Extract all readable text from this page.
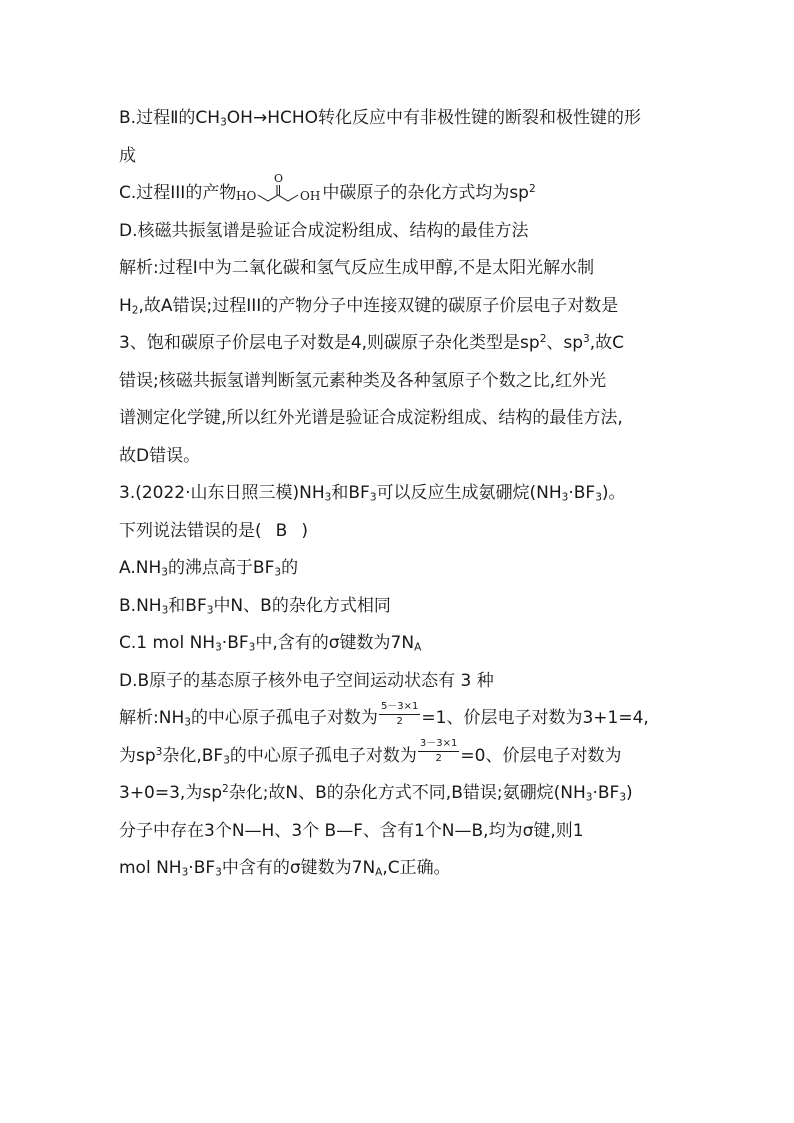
B.过程Ⅱ的$CH_3OH\to HCHO$转化反应中有非极性键的断裂和极性键的形
成
C.过程III的产物 HO
O
OH 中碳原子的杂化方式均为$sp^2$
D.核磁共振氢谱是验证合成淀粉组成、结构的最佳方法
解析:过程Ⅰ中为二氧化碳和氢气反应生成甲醇,不是太阳光解水制
$H_2$,故A错误;过程III的产物分子中连接双键的碳原子价层电子对数是
3、饱和碳原子价层电子对数是4,则碳原子杂化类型是$sp^2$、$sp^3$,故C
错误;核磁共振氢谱判断氢元素种类及各种氢原子个数之比,红外光
谱测定化学键,所以红外光谱是验证合成淀粉组成、结构的最佳方法,
故D错误。
3.(2022·山东日照三模)$NH_3$和$BF_3$可以反应生成氨硼烷$(NH_3\cdot BF_3)$。
下列说法错误的是( B )
$A.NH_3$的沸点高于$BF_3$的
$B.NH_3$和$BF_3$中N、B的杂化方式相同
C.1 mol $NH_3\cdot BF_3$中,含有的σ键数为$7N_A$
D.B原子的基态原子核外电子空间运动状态有 3 种
解析$:NH_3$的中心原子孤电子对数为 $\frac{5-3\times 1}{2} =1$、价层电子对数为3+1=4,
为$sp^3$杂化$,BF_3$的中心原子孤电子对数为 $\frac{3-3\times 1}{2} =0$、价层电子对数为
3+0=3,为$sp^2$杂化;故N、B的杂化方式不同,B错误;氨硼烷$(NH_3\cdot BF_3)$
分子中存在3个N—H、3个 B—F、含有1个N—B,均为σ键,则1
mol $NH_3\cdot BF_3$中含有的σ键数为$7N_A,C$正确。
